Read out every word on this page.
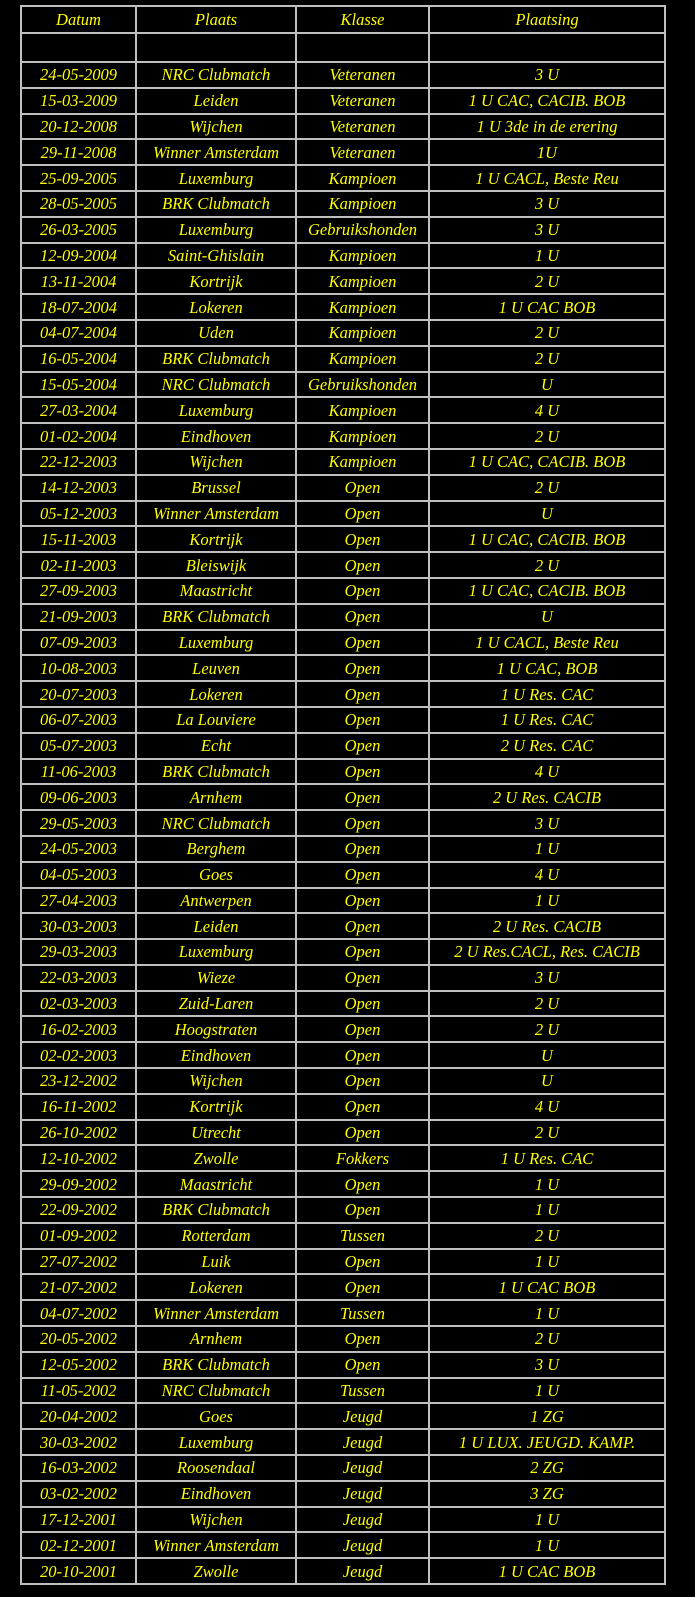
Datum	Plaats	Klasse	Plaatsing

24-05-2009	NRC Clubmatch	Veteranen	3 U
15-03-2009	Leiden	Veteranen	1 U CAC, CACIB. BOB
20-12-2008	Wijchen	Veteranen	1 U 3de in de erering
29-11-2008	Winner Amsterdam	Veteranen	1U
25-09-2005	Luxemburg	Kampioen	1 U CACL, Beste Reu
28-05-2005	BRK Clubmatch	Kampioen	3 U
26-03-2005	Luxemburg	Gebruikshonden	3 U
12-09-2004	Saint-Ghislain	Kampioen	1 U
13-11-2004	Kortrijk	Kampioen	2 U
18-07-2004	Lokeren	Kampioen	1 U CAC BOB
04-07-2004	Uden	Kampioen	2 U
16-05-2004	BRK Clubmatch	Kampioen	2 U
15-05-2004	NRC Clubmatch	Gebruikshonden	U
27-03-2004	Luxemburg	Kampioen	4 U
01-02-2004	Eindhoven	Kampioen	2 U
22-12-2003	Wijchen	Kampioen	1 U CAC, CACIB. BOB
14-12-2003	Brussel	Open	2 U
05-12-2003	Winner Amsterdam	Open	U
15-11-2003	Kortrijk	Open	1 U CAC, CACIB. BOB
02-11-2003	Bleiswijk	Open	2 U
27-09-2003	Maastricht	Open	1 U CAC, CACIB. BOB
21-09-2003	BRK Clubmatch	Open	U
07-09-2003	Luxemburg	Open	1 U CACL, Beste Reu
10-08-2003	Leuven	Open	1 U CAC, BOB
20-07-2003	Lokeren	Open	1 U Res. CAC
06-07-2003	La Louviere	Open	1 U Res. CAC
05-07-2003	Echt	Open	2 U Res. CAC
11-06-2003	BRK Clubmatch	Open	4 U
09-06-2003	Arnhem	Open	2 U Res. CACIB
29-05-2003	NRC Clubmatch	Open	3 U
24-05-2003	Berghem	Open	1 U
04-05-2003	Goes	Open	4 U
27-04-2003	Antwerpen	Open	1 U
30-03-2003	Leiden	Open	2 U Res. CACIB
29-03-2003	Luxemburg	Open	2 U Res.CACL, Res. CACIB
22-03-2003	Wieze	Open	3 U
02-03-2003	Zuid-Laren	Open	2 U
16-02-2003	Hoogstraten	Open	2 U
02-02-2003	Eindhoven	Open	U
23-12-2002	Wijchen	Open	U
16-11-2002	Kortrijk	Open	4 U
26-10-2002	Utrecht	Open	2 U
12-10-2002	Zwolle	Fokkers	1 U Res. CAC
29-09-2002	Maastricht	Open	1 U
22-09-2002	BRK Clubmatch	Open	1 U
01-09-2002	Rotterdam	Tussen	2 U
27-07-2002	Luik	Open	1 U
21-07-2002	Lokeren	Open	1 U CAC BOB
04-07-2002	Winner Amsterdam	Tussen	1 U
20-05-2002	Arnhem	Open	2 U
12-05-2002	BRK Clubmatch	Open	3 U
11-05-2002	NRC Clubmatch	Tussen	1 U
20-04-2002	Goes	Jeugd	1 ZG
30-03-2002	Luxemburg	Jeugd	1 U LUX. JEUGD. KAMP.
16-03-2002	Roosendaal	Jeugd	2 ZG
03-02-2002	Eindhoven	Jeugd	3 ZG
17-12-2001	Wijchen	Jeugd	1 U
02-12-2001	Winner Amsterdam	Jeugd	1 U
20-10-2001	Zwolle	Jeugd	1 U CAC BOB
